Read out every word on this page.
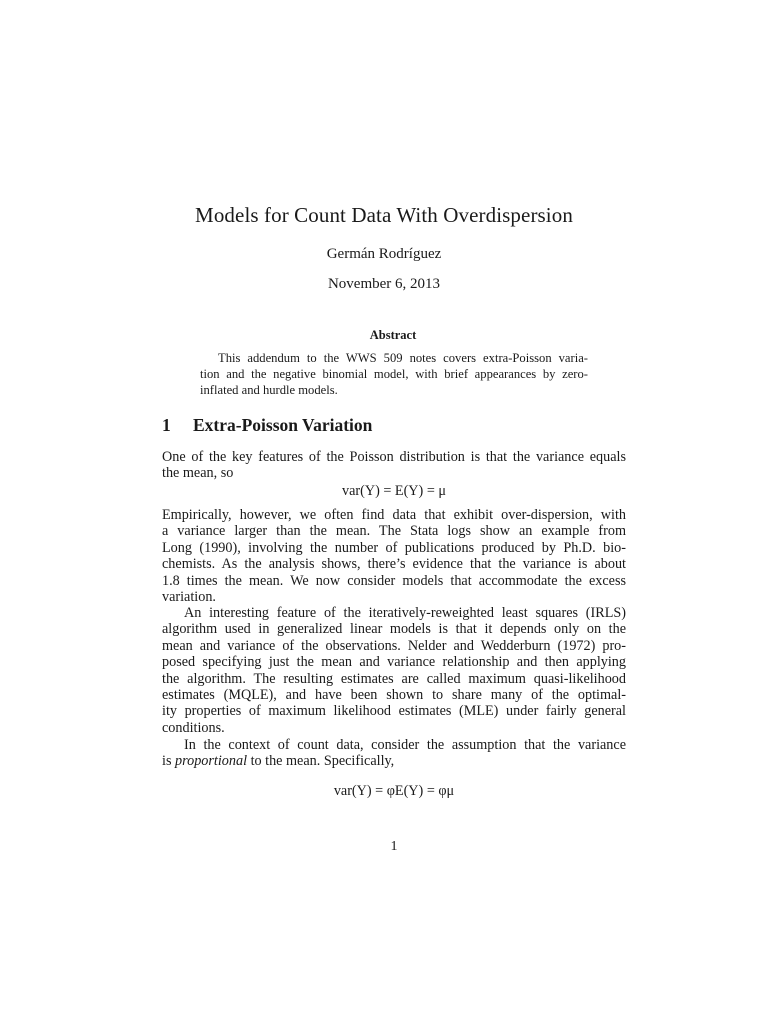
Models for Count Data With Overdispersion
Germán Rodríguez
November 6, 2013
Abstract
This addendum to the WWS 509 notes covers extra-Poisson varia-
tion and the negative binomial model, with brief appearances by zero-
inflated and hurdle models.
1 Extra-Poisson Variation
One of the key features of the Poisson distribution is that the variance equals
the mean, so
var(Y) = E(Y) = μ
Empirically, however, we often find data that exhibit over-dispersion, with
a variance larger than the mean. The Stata logs show an example from
Long (1990), involving the number of publications produced by Ph.D. bio-
chemists. As the analysis shows, there’s evidence that the variance is about
1.8 times the mean. We now consider models that accommodate the excess
variation.
An interesting feature of the iteratively-reweighted least squares (IRLS)
algorithm used in generalized linear models is that it depends only on the
mean and variance of the observations. Nelder and Wedderburn (1972) pro-
posed specifying just the mean and variance relationship and then applying
the algorithm. The resulting estimates are called maximum quasi-likelihood
estimates (MQLE), and have been shown to share many of the optimal-
ity properties of maximum likelihood estimates (MLE) under fairly general
conditions.
In the context of count data, consider the assumption that the variance
is proportional to the mean. Specifically,
var(Y) = φE(Y) = φμ
1
